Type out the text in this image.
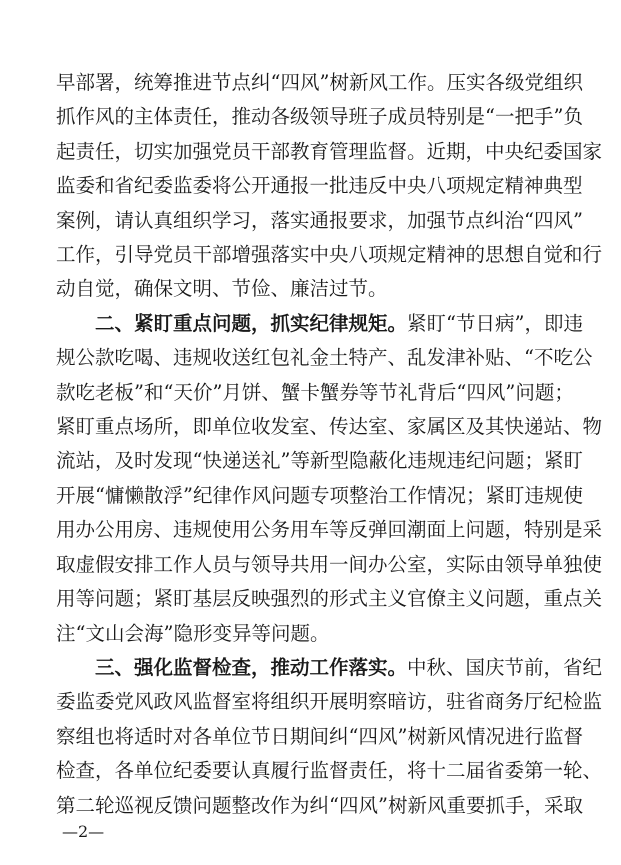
早部署，统筹推进节点纠“四风”树新风工作。压实各级党组织
抓作风的主体责任，推动各级领导班子成员特别是“一把手”负
起责任，切实加强党员干部教育管理监督。近期，中央纪委国家
监委和省纪委监委将公开通报一批违反中央八项规定精神典型
案例，请认真组织学习，落实通报要求，加强节点纠治“四风”
工作，引导党员干部增强落实中央八项规定精神的思想自觉和行
动自觉，确保文明、节俭、廉洁过节。
二、紧盯重点问题，抓实纪律规矩。紧盯“节日病”，即违
规公款吃喝、违规收送红包礼金土特产、乱发津补贴、“不吃公
款吃老板”和“天价”月饼、蟹卡蟹券等节礼背后“四风”问题；
紧盯重点场所，即单位收发室、传达室、家属区及其快递站、物
流站，及时发现“快递送礼”等新型隐蔽化违规违纪问题；紧盯
开展“慵懒散浮”纪律作风问题专项整治工作情况；紧盯违规使
用办公用房、违规使用公务用车等反弹回潮面上问题，特别是采
取虚假安排工作人员与领导共用一间办公室，实际由领导单独使
用等问题；紧盯基层反映强烈的形式主义官僚主义问题，重点关
注“文山会海”隐形变异等问题。
三、强化监督检查，推动工作落实。中秋、国庆节前，省纪
委监委党风政风监督室将组织开展明察暗访，驻省商务厅纪检监
察组也将适时对各单位节日期间纠“四风”树新风情况进行监督
检查，各单位纪委要认真履行监督责任，将十二届省委第一轮、
第二轮巡视反馈问题整改作为纠“四风”树新风重要抓手，采取
—2—
